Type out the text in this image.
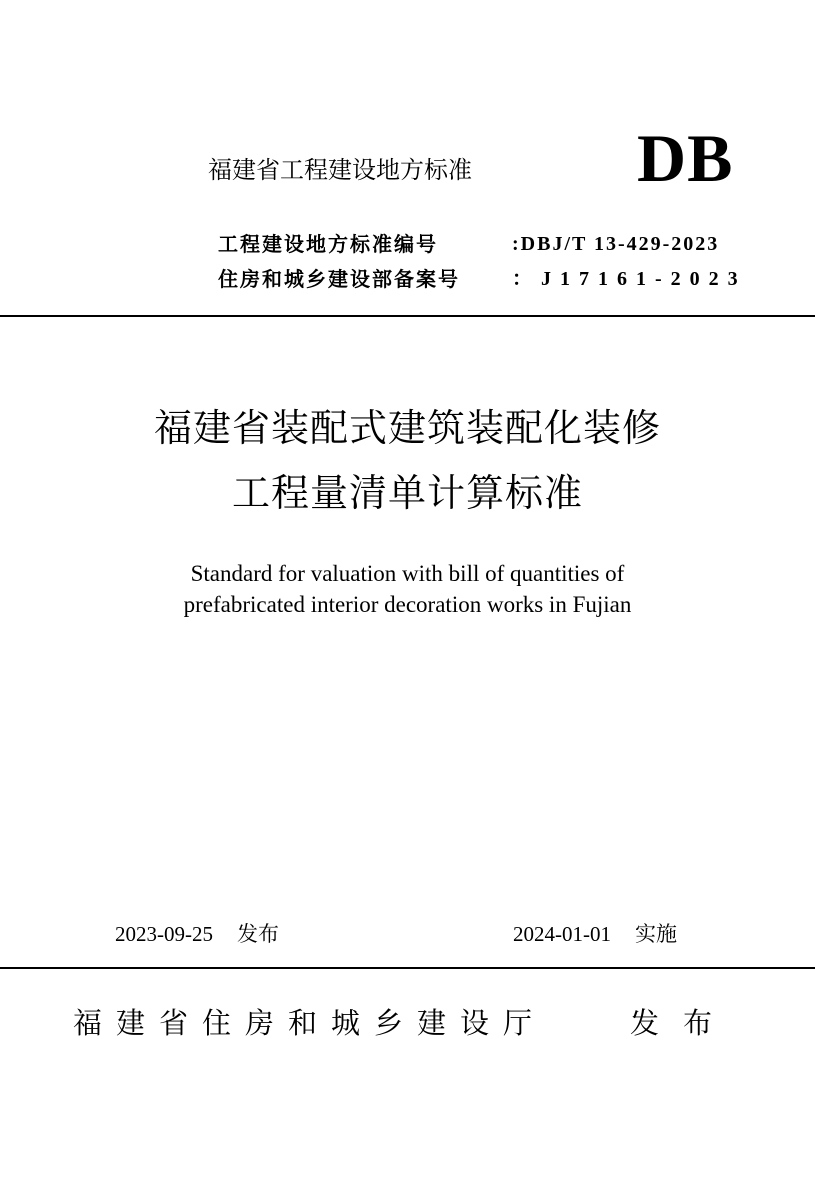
福建省工程建设地方标准 DB
工程建设地方标准编号	:DBJ/T 13-429-2023
住房和城乡建设部备案号	：J17161-2023
福建省装配式建筑装配化装修
工程量清单计算标准
Standard for valuation with bill of quantities of
prefabricated interior decoration works in Fujian
2023-09-25 发布	2024-01-01 实施
福建省住房和城乡建设厅	发布
